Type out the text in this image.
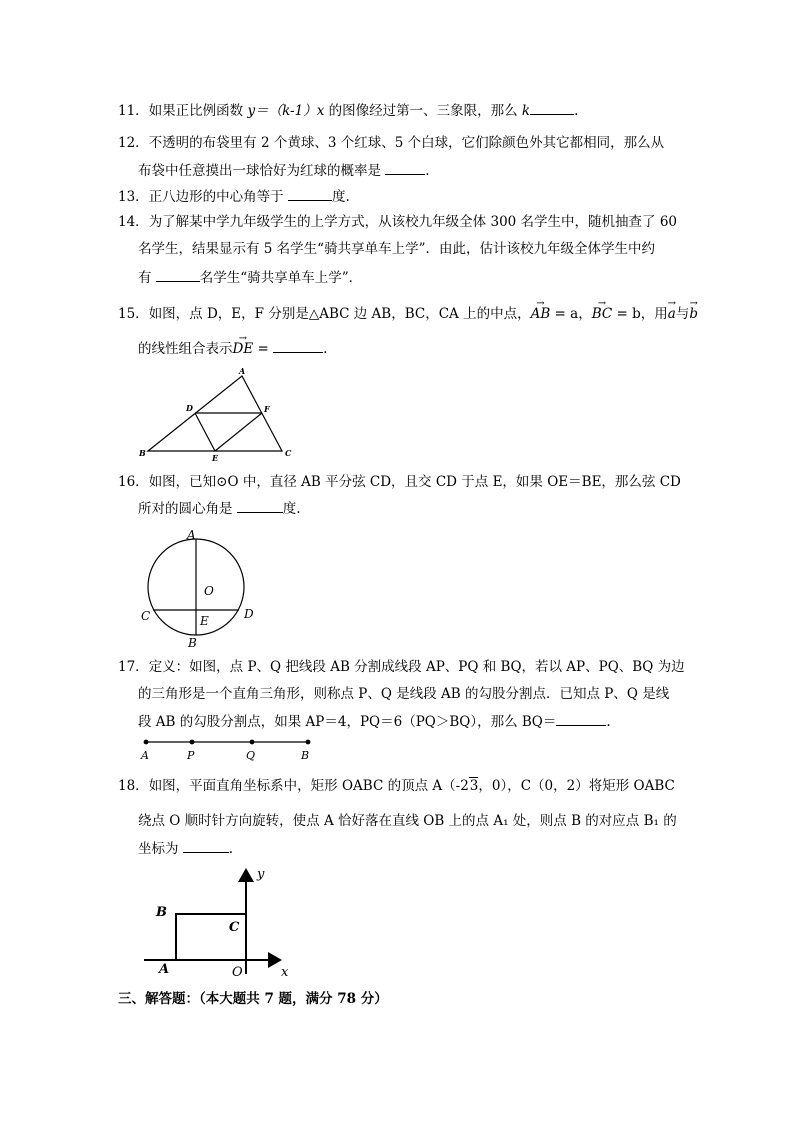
11．如果正比例函数 y＝（k-1）x 的图像经过第一、三象限，那么 k	.
12．不透明的布袋里有 2 个黄球、3 个红球、5 个白球，它们除颜色外其它都相同，那么从
布袋中任意摸出一球恰好为红球的概率是	.
13．正八边形的中心角等于	度.
14．为了解某中学九年级学生的上学方式，从该校九年级全体 300 名学生中，随机抽查了 60
名学生，结果显示有 5 名学生“骑共享单车上学”．由此，估计该校九年级全体学生中约
有	名学生“骑共享单车上学”．
15．如图，点 D，E，F 分别是△ABC 边 AB，BC，CA 上的中点，→ AB = a，→ BC = b，用→ a与→ b
的线性组合表示→ DE =	.
A
B	C
D
E
F
16．如图，已知⊙O 中，直径 AB 平分弦 CD，且交 CD 于点 E，如果 OE＝BE，那么弦 CD
所对的圆心角是	度.
A
O
C	D
E
B
17．定义：如图，点 P、Q 把线段 AB 分割成线段 AP、PQ 和 BQ，若以 AP、PQ、BQ 为边
的三角形是一个直角三角形，则称点 P、Q 是线段 AB 的勾股分割点．已知点 P、Q 是线
段 AB 的勾股分割点，如果 AP＝4，PQ＝6（PQ＞BQ），那么 BQ＝	.
A	P	Q	B
18．如图，平面直角坐标系中，矩形 OABC 的顶点 A（-23，0），C（0，2）将矩形 OABC
绕点 O 顺时针方向旋转，使点 A 恰好落在直线 OB 上的点 A₁ 处，则点 B 的对应点 B₁ 的
坐标为	.
y
B
C
A	O	x
三、解答题：（本大题共 7 题，满分 78 分）
